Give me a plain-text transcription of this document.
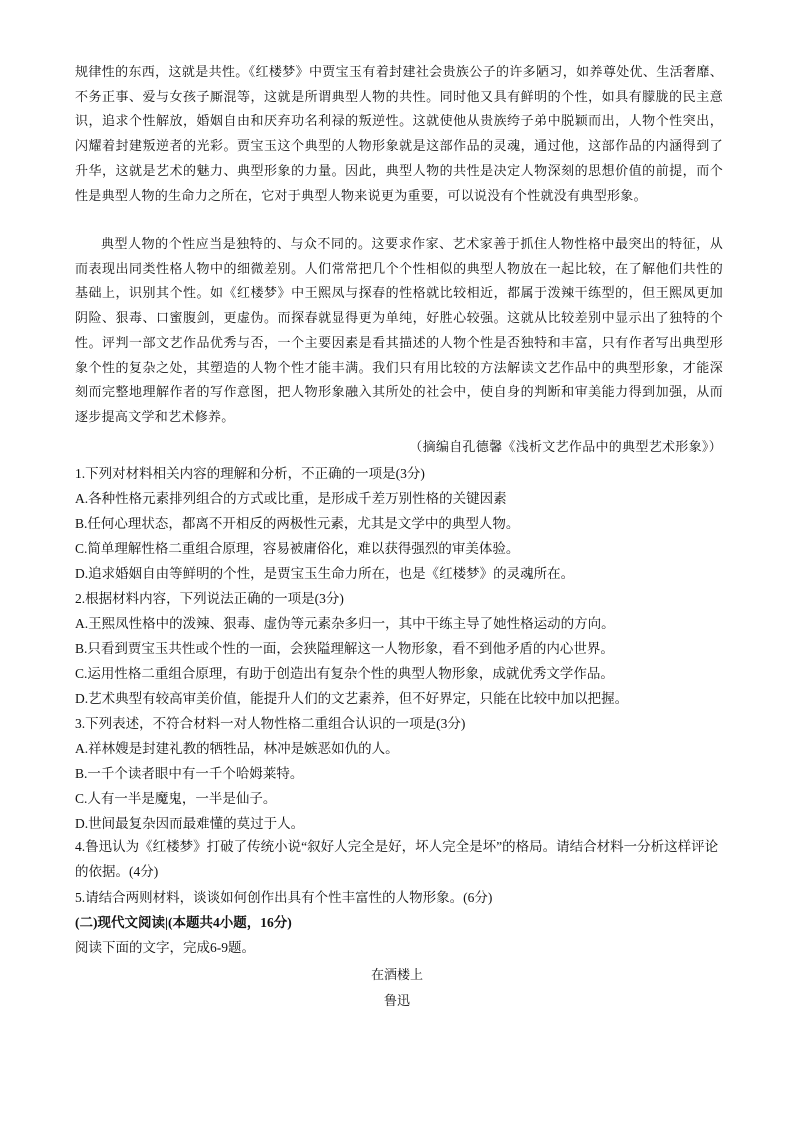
规律性的东西，这就是共性。《红楼梦》中贾宝玉有着封建社会贵族公子的许多陋习，如养尊处优、生活奢靡、不务正事、爱与女孩子厮混等，这就是所谓典型人物的共性。同时他又具有鲜明的个性，如具有朦胧的民主意识，追求个性解放，婚姻自由和厌弃功名利禄的叛逆性。这就使他从贵族绔子弟中脱颖而出，人物个性突出，闪耀着封建叛逆者的光彩。贾宝玉这个典型的人物形象就是这部作品的灵魂，通过他，这部作品的内涵得到了升华，这就是艺术的魅力、典型形象的力量。因此，典型人物的共性是决定人物深刻的思想价值的前提，而个性是典型人物的生命力之所在，它对于典型人物来说更为重要，可以说没有个性就没有典型形象。

典型人物的个性应当是独特的、与众不同的。这要求作家、艺术家善于抓住人物性格中最突出的特征，从而表现出同类性格人物中的细微差别。人们常常把几个个性相似的典型人物放在一起比较，在了解他们共性的基础上，识别其个性。如《红楼梦》中王熙凤与探春的性格就比较相近，都属于泼辣干练型的，但王熙凤更加阴险、狠毒、口蜜腹剑，更虚伪。而探春就显得更为单纯，好胜心较强。这就从比较差别中显示出了独特的个性。评判一部文艺作品优秀与否，一个主要因素是看其描述的人物个性是否独特和丰富，只有作者写出典型形象个性的复杂之处，其塑造的人物个性才能丰满。我们只有用比较的方法解读文艺作品中的典型形象，才能深刻而完整地理解作者的写作意图，把人物形象融入其所处的社会中，使自身的判断和审美能力得到加强，从而逐步提高文学和艺术修养。

（摘编自孔德馨《浅析文艺作品中的典型艺术形象》）
1.下列对材料相关内容的理解和分析，不正确的一项是(3分)
A.各种性格元素排列组合的方式或比重，是形成千差万别性格的关键因素
B.任何心理状态，都离不开相反的两极性元素，尤其是文学中的典型人物。
C.简单理解性格二重组合原理，容易被庸俗化，难以获得强烈的审美体验。
D.追求婚姻自由等鲜明的个性，是贾宝玉生命力所在，也是《红楼梦》的灵魂所在。
2.根据材料内容，下列说法正确的一项是(3分)
A.王熙凤性格中的泼辣、狠毒、虚伪等元素杂多归一，其中干练主导了她性格运动的方向。
B.只看到贾宝玉共性或个性的一面，会狭隘理解这一人物形象，看不到他矛盾的内心世界。
C.运用性格二重组合原理，有助于创造出有复杂个性的典型人物形象，成就优秀文学作品。
D.艺术典型有较高审美价值，能提升人们的文艺素养，但不好界定，只能在比较中加以把握。
3.下列表述，不符合材料一对人物性格二重组合认识的一项是(3分)
A.祥林嫂是封建礼教的牺牲品，林冲是嫉恶如仇的人。
B.一千个读者眼中有一千个哈姆莱特。
C.人有一半是魔鬼，一半是仙子。
D.世间最复杂因而最难懂的莫过于人。
4.鲁迅认为《红楼梦》打破了传统小说“叙好人完全是好，坏人完全是坏”的格局。请结合材料一分析这样评论的依据。(4分)
5.请结合两则材料，谈谈如何创作出具有个性丰富性的人物形象。(6分)
(二)现代文阅读|(本题共4小题，16分)
阅读下面的文字，完成6-9题。
在酒楼上
鲁迅
